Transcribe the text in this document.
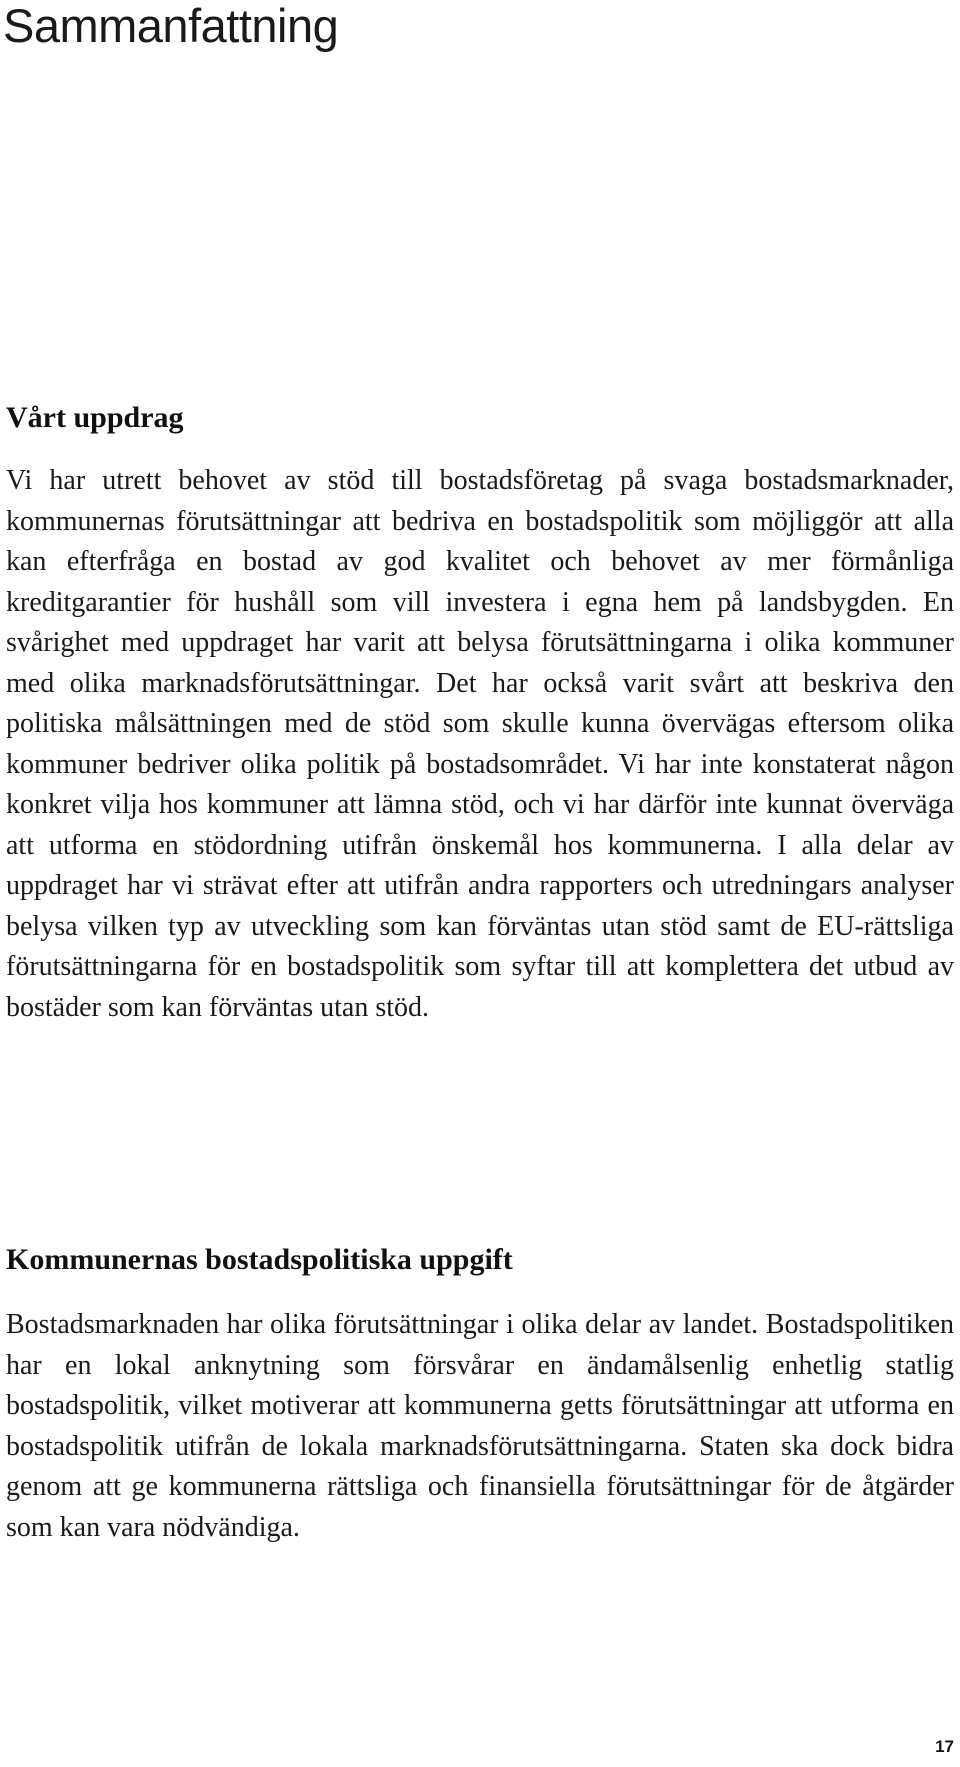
Sammanfattning
Vårt uppdrag

Vi har utrett behovet av stöd till bostadsföretag på svaga bostadsmarknader, kommunernas förutsättningar att bedriva en bostadspolitik som möjliggör att alla kan efterfråga en bostad av god kvalitet och behovet av mer förmånliga kreditgarantier för hushåll som vill investera i egna hem på landsbygden. En svårighet med uppdraget har varit att belysa förutsättningarna i olika kommuner med olika marknadsförutsättningar. Det har också varit svårt att beskriva den politiska målsättningen med de stöd som skulle kunna övervägas eftersom olika kommuner bedriver olika politik på bostadsområdet. Vi har inte konstaterat någon konkret vilja hos kommuner att lämna stöd, och vi har därför inte kunnat överväga att utforma en stödordning utifrån önskemål hos kommunerna. I alla delar av uppdraget har vi strävat efter att utifrån andra rapporters och utredningars analyser belysa vilken typ av utveckling som kan förväntas utan stöd samt de EU-rättsliga förutsättningarna för en bostadspolitik som syftar till att komplettera det utbud av bostäder som kan förväntas utan stöd.

Kommunernas bostadspolitiska uppgift

Bostadsmarknaden har olika förutsättningar i olika delar av landet. Bostadspolitiken har en lokal anknytning som försvårar en ändamålsenlig enhetlig statlig bostadspolitik, vilket motiverar att kommunerna getts förutsättningar att utforma en bostadspolitik utifrån de lokala marknadsförutsättningarna. Staten ska dock bidra genom att ge kommunerna rättsliga och finansiella förutsättningar för de åtgärder som kan vara nödvändiga.

17
